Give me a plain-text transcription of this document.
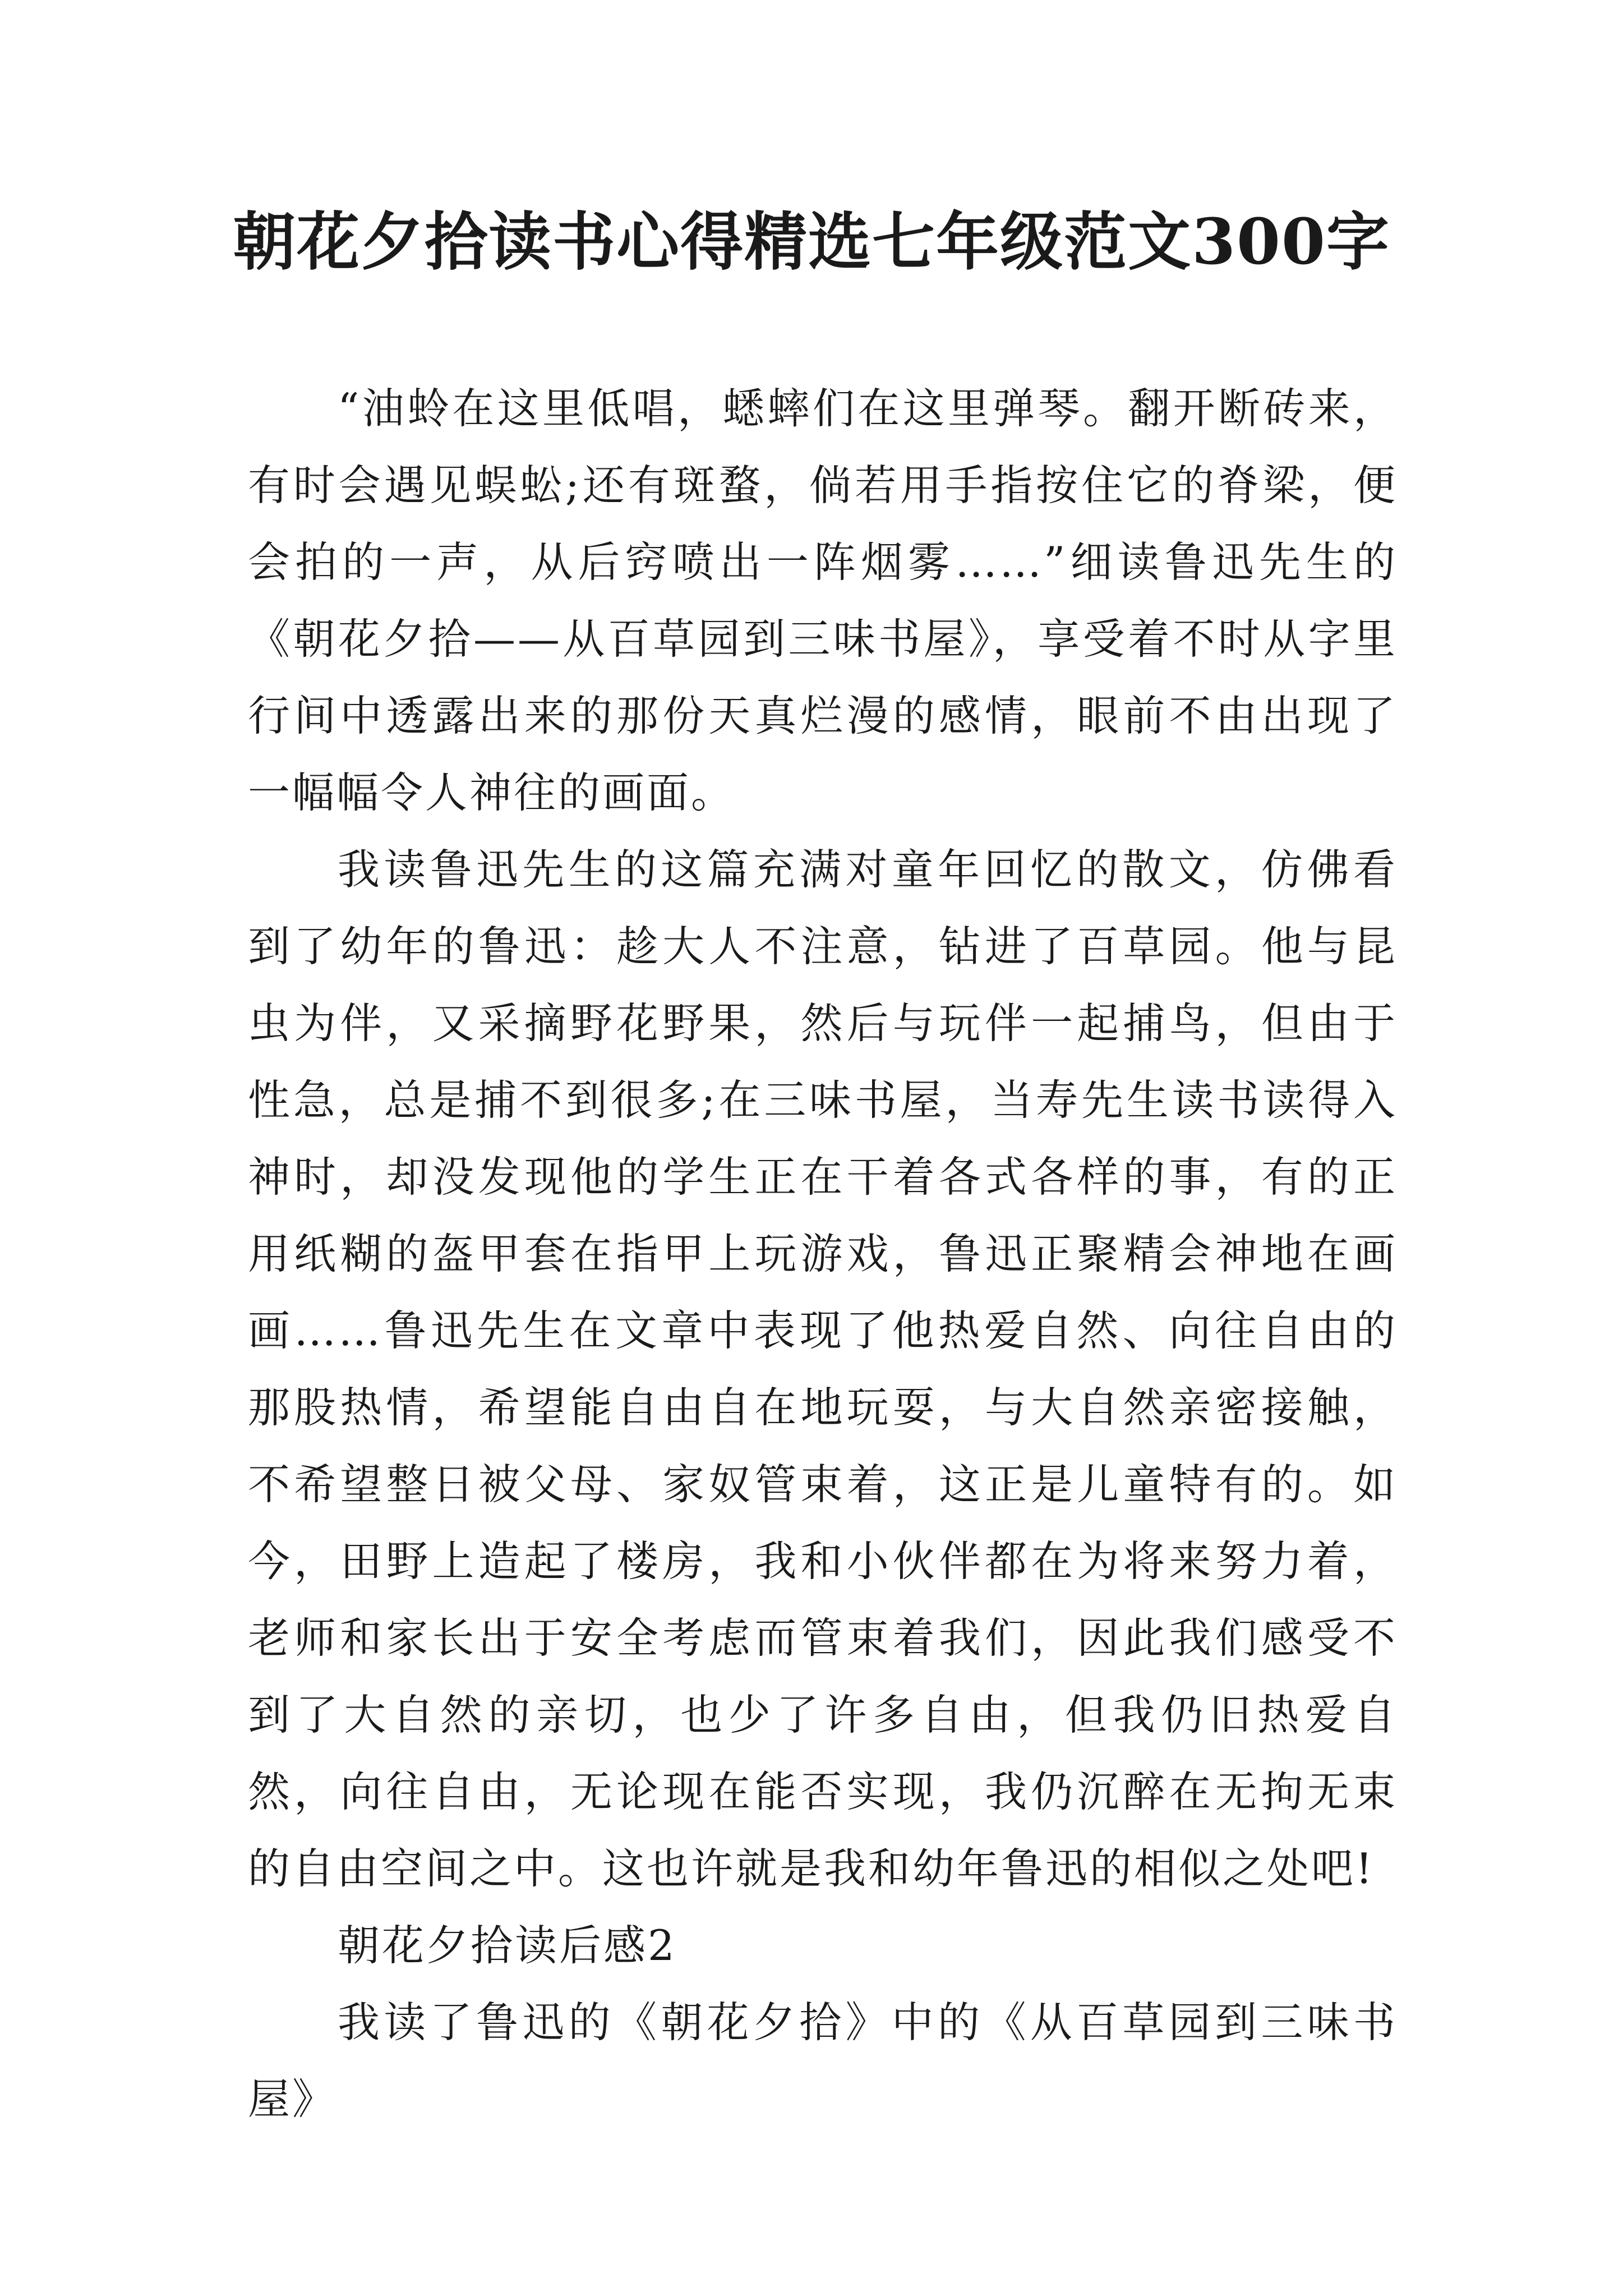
朝花夕拾读书心得精选七年级范文300字

“油蛉在这里低唱，蟋蟀们在这里弹琴。翻开断砖来，有时会遇见蜈蚣;还有斑蝥，倘若用手指按住它的脊梁，便会拍的一声，从后窍喷出一阵烟雾……”细读鲁迅先生的《朝花夕拾——从百草园到三味书屋》，享受着不时从字里行间中透露出来的那份天真烂漫的感情，眼前不由出现了一幅幅令人神往的画面。

我读鲁迅先生的这篇充满对童年回忆的散文，仿佛看到了幼年的鲁迅：趁大人不注意，钻进了百草园。他与昆虫为伴，又采摘野花野果，然后与玩伴一起捕鸟，但由于性急，总是捕不到很多;在三味书屋，当寿先生读书读得入神时，却没发现他的学生正在干着各式各样的事，有的正用纸糊的盔甲套在指甲上玩游戏，鲁迅正聚精会神地在画画……鲁迅先生在文章中表现了他热爱自然、向往自由的那股热情，希望能自由自在地玩耍，与大自然亲密接触，不希望整日被父母、家奴管束着，这正是儿童特有的。如今，田野上造起了楼房，我和小伙伴都在为将来努力着，老师和家长出于安全考虑而管束着我们，因此我们感受不到了大自然的亲切，也少了许多自由，但我仍旧热爱自然，向往自由，无论现在能否实现，我仍沉醉在无拘无束的自由空间之中。这也许就是我和幼年鲁迅的相似之处吧!

朝花夕拾读后感2

我读了鲁迅的《朝花夕拾》中的《从百草园到三味书屋》
